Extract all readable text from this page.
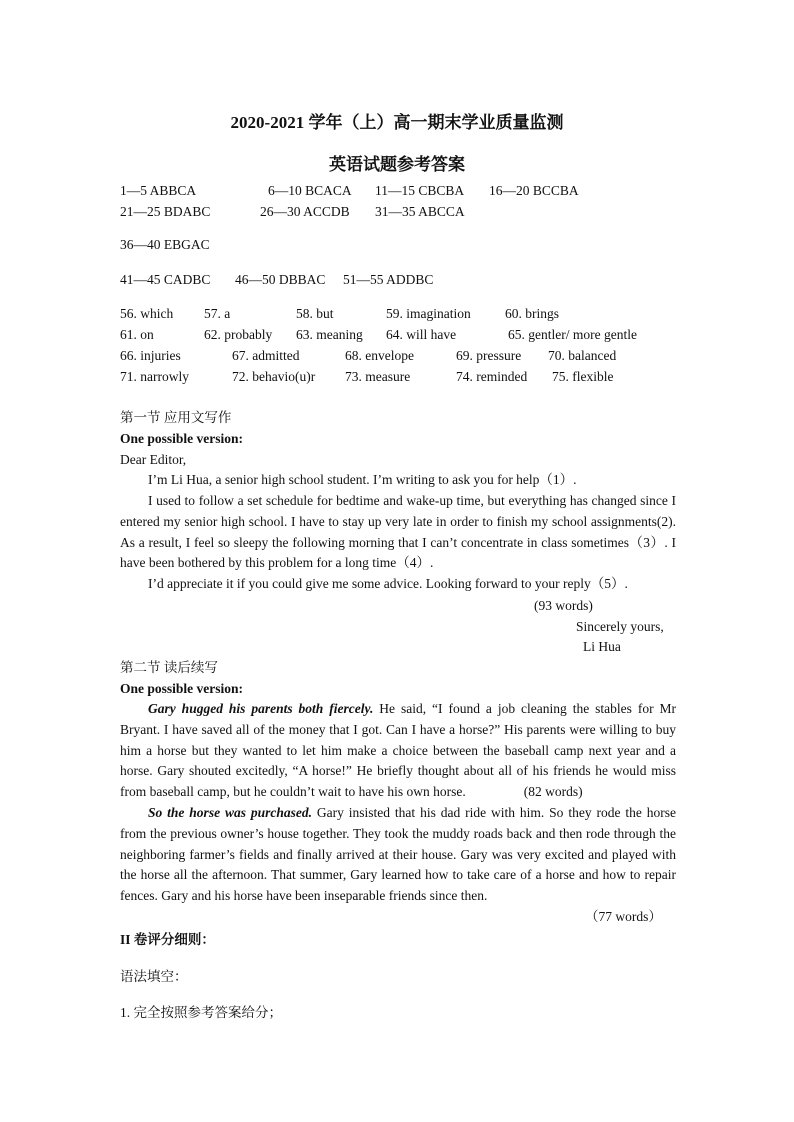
2020-2021 学年（上）高一期末学业质量监测
英语试题参考答案
1—5 ABBCA	6—10 BCACA 11—15 CBCBA 16—20 BCCBA
21—25 BDABC	26—30 ACCDB 31—35 ABCCA
36—40 EBGAC
41—45 CADBC 46—50 DBBAC 51—55 ADDBC
56. which 57. a	58. but	59. imagination	60. brings
61. on	62. probably 63. meaning 64. will have	65. gentler/ more gentle
66. injuries	67. admitted	68. envelope	69. pressure 70. balanced
71. narrowly	72. behavio(u)r 73. measure	74. reminded 75. flexible
第一节 应用文写作
One possible version:
Dear Editor,
I’m Li Hua, a senior high school student. I’m writing to ask you for help（1）.
I used to follow a set schedule for bedtime and wake-up time, but everything has changed since I entered my senior high school. I have to stay up very late in order to finish my school assignments(2). As a result, I feel so sleepy the following morning that I can’t concentrate in class sometimes（3）. I have been bothered by this problem for a long time（4）.
I’d appreciate it if you could give me some advice. Looking forward to your reply（5）.
(93 words)
Sincerely yours,
Li Hua
第二节 读后续写
One possible version:
Gary hugged his parents both fiercely. He said, “I found a job cleaning the stables for Mr Bryant. I have saved all of the money that I got. Can I have a horse?” His parents were willing to buy him a horse but they wanted to let him make a choice between the baseball camp next year and a horse. Gary shouted excitedly, “A horse!” He briefly thought about all of his friends he would miss from baseball camp, but he couldn’t wait to have his own horse.	(82 words)
So the horse was purchased. Gary insisted that his dad ride with him. So they rode the horse from the previous owner’s house together. They took the muddy roads back and then rode through the neighboring farmer’s fields and finally arrived at their house. Gary was very excited and played with the horse all the afternoon. That summer, Gary learned how to take care of a horse and how to repair fences. Gary and his horse have been inseparable friends since then.
（77 words）
II 卷评分细则：
语法填空：
1. 完全按照参考答案给分；
